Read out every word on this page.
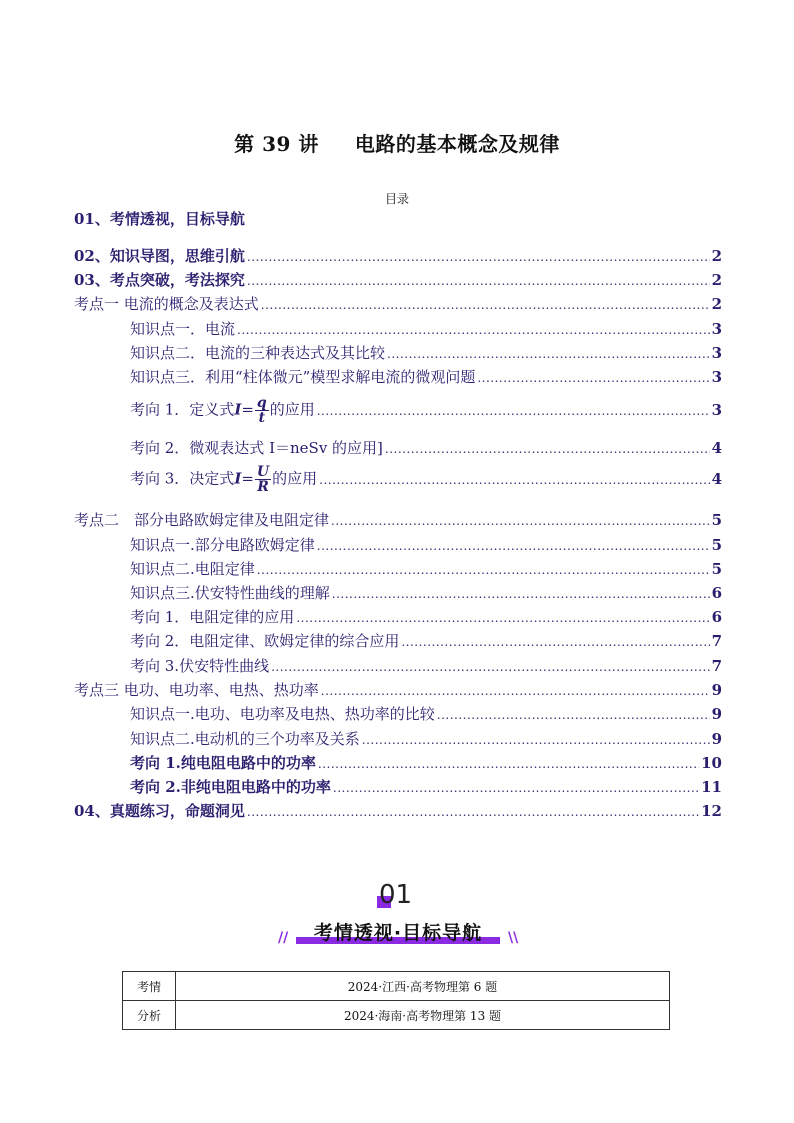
第 39 讲 电路的基本概念及规律
目录
01、考情透视，目标导航
02、知识导图，思维引航 .....	2
03、考点突破，考法探究 .....	2
考点一 电流的概念及表达式 .....	2
知识点一．电流 .....	3
知识点二．电流的三种表达式及其比较 .....	3
知识点三．利用“柱体微元”模型求解电流的微观问题 .....	3
考向 1．定义式$I= \frac{q}{t}$ 的应用 .....	3
考向 2．微观表达式 I＝neSv 的应用] .....	4
考向 3．决定式$I= \frac{U}{R}$ 的应用 .....	4
考点二　部分电路欧姆定律及电阻定律 .....	5
知识点一.部分电路欧姆定律 .....	5
知识点二.电阻定律 .....	5
知识点三.伏安特性曲线的理解 .....	6
考向 1．电阻定律的应用 .....	6
考向 2．电阻定律、欧姆定律的综合应用 .....	7
考向 3.伏安特性曲线 .....	7
考点三 电功、电功率、电热、热功率 .....	9
知识点一.电功、电功率及电热、热功率的比较 .....	9
知识点二.电动机的三个功率及关系 .....	9
考向 1.纯电阻电路中的功率 .....	10
考向 2.非纯电阻电路中的功率 .....	11
04、真题练习，命题洞见 .....	12
01
//	考情透视·目标导航	\\
考情	2024·江西·高考物理第 6 题
分析	2024·海南·高考物理第 13 题
